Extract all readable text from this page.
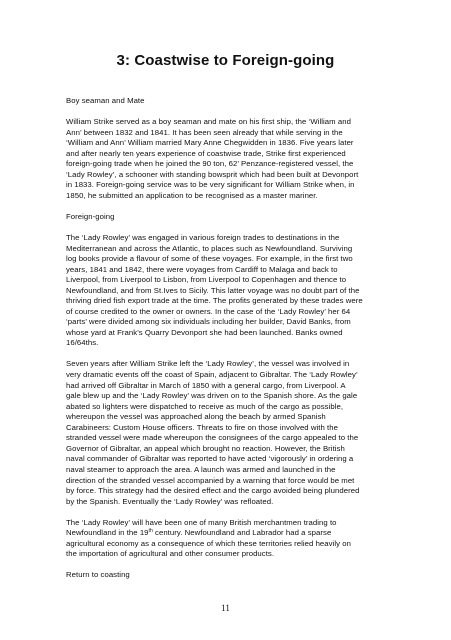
3: Coastwise to Foreign-going
Boy seaman and Mate
William Strike served as a boy seaman and mate on his first ship, the ‘William and
Ann’ between 1832 and 1841. It has been seen already that while serving in the
‘William and Ann’ William married Mary Anne Chegwidden in 1836. Five years later
and after nearly ten years experience of coastwise trade, Strike first experienced
foreign-going trade when he joined the 90 ton, 62’ Penzance-registered vessel, the
‘Lady Rowley’, a schooner with standing bowsprit which had been built at Devonport
in 1833. Foreign-going service was to be very significant for William Strike when, in
1850, he submitted an application to be recognised as a master mariner.
Foreign-going
The ‘Lady Rowley’ was engaged in various foreign trades to destinations in the
Mediterranean and across the Atlantic, to places such as Newfoundland. Surviving
log books provide a flavour of some of these voyages. For example, in the first two
years, 1841 and 1842, there were voyages from Cardiff to Malaga and back to
Liverpool, from Liverpool to Lisbon, from Liverpool to Copenhagen and thence to
Newfoundland, and from St.Ives to Sicily. This latter voyage was no doubt part of the
thriving dried fish export trade at the time. The profits generated by these trades were
of course credited to the owner or owners. In the case of the ‘Lady Rowley’ her 64
‘parts’ were divided among six individuals including her builder, David Banks, from
whose yard at Frank’s Quarry Devonport she had been launched. Banks owned
16/64ths.
Seven years after William Strike left the ‘Lady Rowley’, the vessel was involved in
very dramatic events off the coast of Spain, adjacent to Gibraltar. The ‘Lady Rowley’
had arrived off Gibraltar in March of 1850 with a general cargo, from Liverpool. A
gale blew up and the ‘Lady Rowley’ was driven on to the Spanish shore. As the gale
abated so lighters were dispatched to receive as much of the cargo as possible,
whereupon the vessel was approached along the beach by armed Spanish
Carabineers: Custom House officers. Threats to fire on those involved with the
stranded vessel were made whereupon the consignees of the cargo appealed to the
Governor of Gibraltar, an appeal which brought no reaction. However, the British
naval commander of Gibraltar was reported to have acted ‘vigorously’ in ordering a
naval steamer to approach the area. A launch was armed and launched in the
direction of the stranded vessel accompanied by a warning that force would be met
by force. This strategy had the desired effect and the cargo avoided being plundered
by the Spanish. Eventually the ‘Lady Rowley’ was refloated.
The ‘Lady Rowley’ will have been one of many British merchantmen trading to
Newfoundland in the 19th century. Newfoundland and Labrador had a sparse
agricultural economy as a consequence of which these territories relied heavily on
the importation of agricultural and other consumer products.
Return to coasting
11
